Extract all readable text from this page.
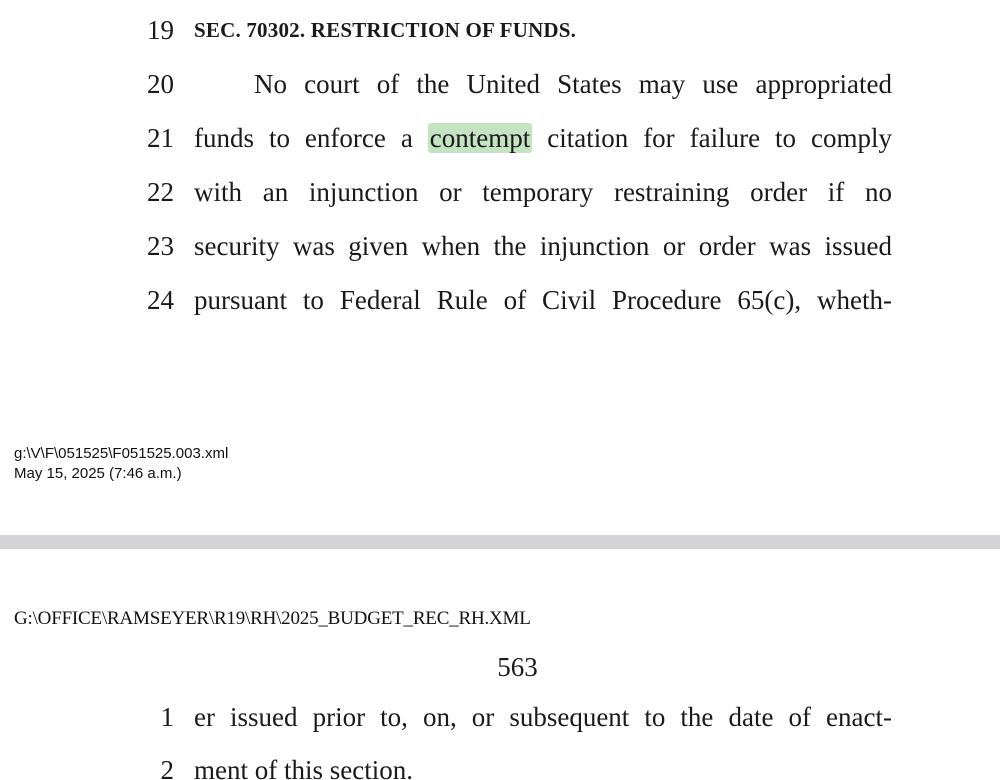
19 SEC. 70302. RESTRICTION OF FUNDS.
20	No court of the United States may use appropriated
21 funds to enforce a contempt citation for failure to comply
22 with an injunction or temporary restraining order if no
23 security was given when the injunction or order was issued
24 pursuant to Federal Rule of Civil Procedure 65(c), wheth-
g:\V\F\051525\F051525.003.xml
May 15, 2025 (7:46 a.m.)
G:\OFFICE\RAMSEYER\R19\RH\2025_BUDGET_REC_RH.XML
563
1 er issued prior to, on, or subsequent to the date of enact-
2 ment of this section.
